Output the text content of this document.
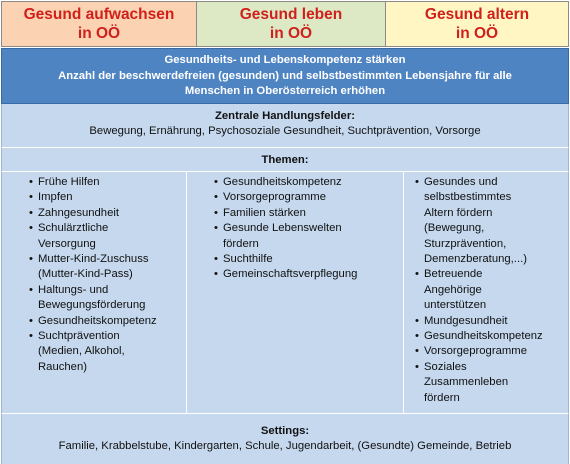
Gesund aufwachsen
in OÖ
Gesund leben
in OÖ
Gesund altern
in OÖ
Gesundheits- und Lebenskompetenz stärken
Anzahl der beschwerdefreien (gesunden) und selbstbestimmten Lebensjahre für alle
Menschen in Oberösterreich erhöhen
Zentrale Handlungsfelder:
Bewegung, Ernährung, Psychosoziale Gesundheit, Suchtprävention, Vorsorge
Themen:
• Frühe Hilfen
• Impfen
• Zahngesundheit
• Schulärztliche
Versorgung
• Mutter-Kind-Zuschuss
(Mutter-Kind-Pass)
• Haltungs- und
Bewegungsförderung
• Gesundheitskompetenz
• Suchtprävention
(Medien, Alkohol,
Rauchen)
• Gesundheitskompetenz
• Vorsorgeprogramme
• Familien stärken
• Gesunde Lebenswelten
fördern
• Suchthilfe
• Gemeinschaftsverpflegung
• Gesundes und
selbstbestimmtes
Altern fördern
(Bewegung,
Sturzprävention,
Demenzberatung,...)
• Betreuende
Angehörige
unterstützen
• Mundgesundheit
• Gesundheitskompetenz
• Vorsorgeprogramme
• Soziales
Zusammenleben
fördern
Settings:
Familie, Krabbelstube, Kindergarten, Schule, Jugendarbeit, (Gesundte) Gemeinde, Betrieb
